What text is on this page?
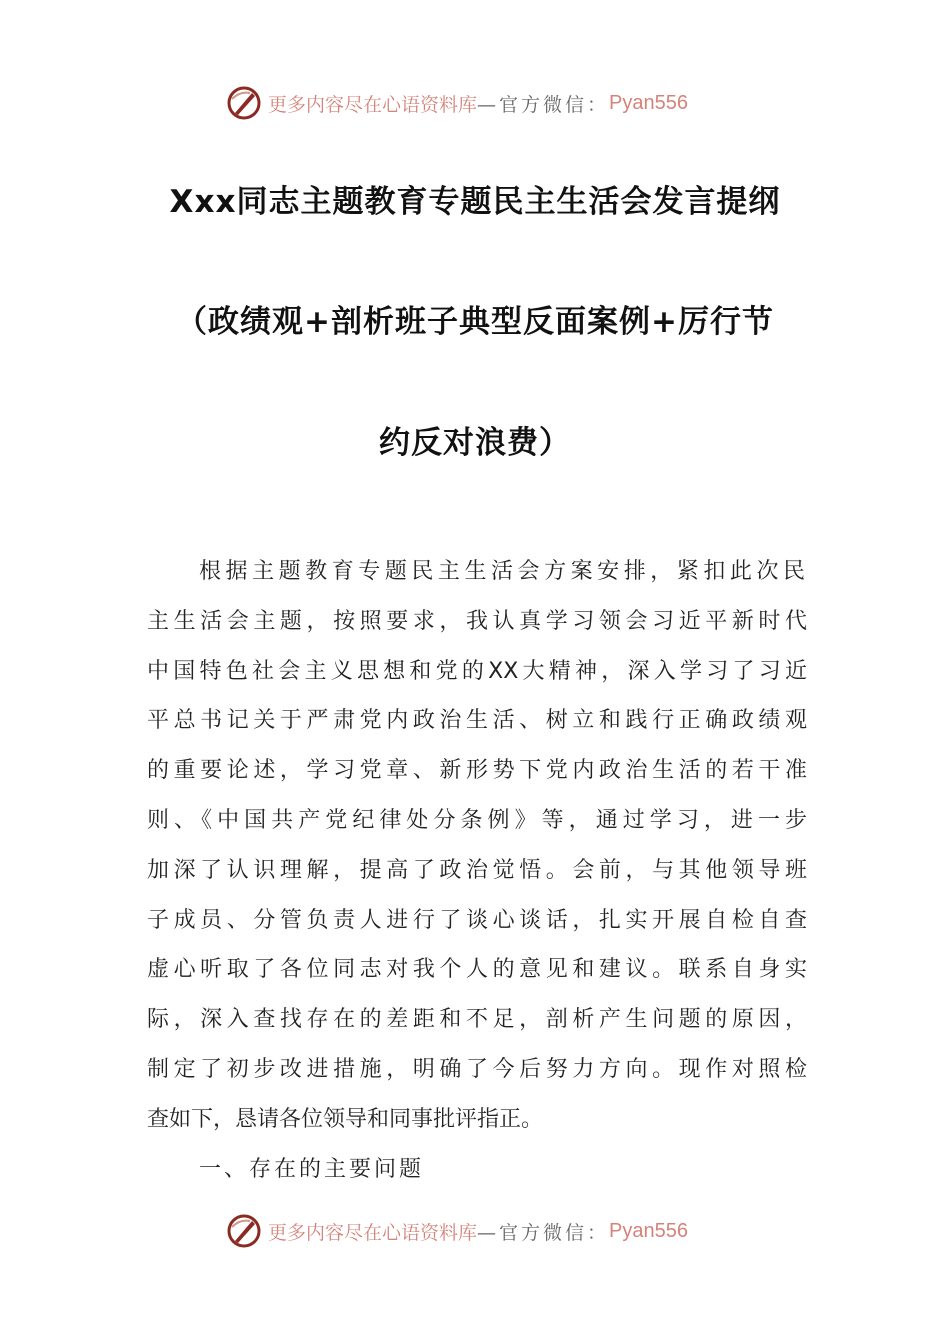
更多内容尽在心语资料库 —官方微信： Pyan556
Xxx同志主题教育专题民主生活会发言提纲
（政绩观+剖析班子典型反面案例+厉行节
约反对浪费）
根据主题教育专题民主生活会方案安排，紧扣此次民
主生活会主题，按照要求，我认真学习领会习近平新时代
中国特色社会主义思想和党的XX大精神，深入学习了习近
平总书记关于严肃党内政治生活、树立和践行正确政绩观
的重要论述，学习党章、新形势下党内政治生活的若干准
则、《中国共产党纪律处分条例》等，通过学习，进一步
加深了认识理解，提高了政治觉悟。会前，与其他领导班
子成员、分管负责人进行了谈心谈话，扎实开展自检自查
虚心听取了各位同志对我个人的意见和建议。联系自身实
际，深入查找存在的差距和不足，剖析产生问题的原因，
制定了初步改进措施，明确了今后努力方向。现作对照检
查如下，恳请各位领导和同事批评指正。
一、存在的主要问题
更多内容尽在心语资料库 —官方微信： Pyan556
